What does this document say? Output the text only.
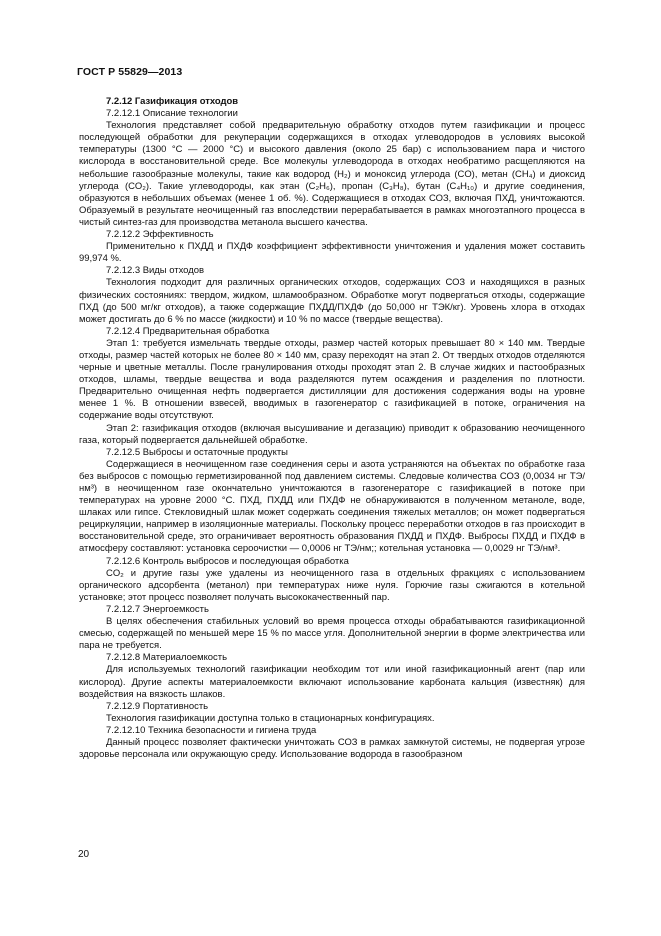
ГОСТ Р 55829—2013

7.2.12 Газификация отходов

7.2.12.1 Описание технологии

Технология представляет собой предварительную обработку отходов путем газификации и процесс последующей обработки для рекуперации содержащихся в отходах углеводородов в условиях высокой температуры (1300 °С — 2000 °С) и высокого давления (около 25 бар) с использованием пара и чистого кислорода в восстановительной среде. Все молекулы углеводорода в отходах необратимо расщепляются на небольшие газообразные молекулы, такие как водород (H₂) и моноксид углерода (CO), метан (CH₄) и диоксид углерода (CO₂). Такие углеводороды, как этан (C₂H₆), пропан (C₃H₈), бутан (C₄H₁₀) и другие соединения, образуются в небольших объемах (менее 1 об. %). Содержащиеся в отходах СОЗ, включая ПХД, уничтожаются. Образуемый в результате неочищенный газ впоследствии перерабатывается в рамках многоэтапного процесса в чистый синтез-газ для производства метанола высшего качества.

7.2.12.2 Эффективность

Применительно к ПХДД и ПХДФ коэффициент эффективности уничтожения и удаления может составить 99,974 %.

7.2.12.3 Виды отходов

Технология подходит для различных органических отходов, содержащих СОЗ и находящихся в разных физических состояниях: твердом, жидком, шламообразном. Обработке могут подвергаться отходы, содержащие ПХД (до 500 мг/кг отходов), а также содержащие ПХДД/ПХДФ (до 50,000 нг ТЭК/кг). Уровень хлора в отходах может достигать до 6 % по массе (жидкости) и 10 % по массе (твердые вещества).

7.2.12.4 Предварительная обработка

Этап 1: требуется измельчать твердые отходы, размер частей которых превышает 80 × 140 мм. Твердые отходы, размер частей которых не более 80 × 140 мм, сразу переходят на этап 2. От твердых отходов отделяются черные и цветные металлы. После гранулирования отходы проходят этап 2. В случае жидких и пастообразных отходов, шламы, твердые вещества и вода разделяются путем осаждения и разделения по плотности. Предварительно очищенная нефть подвергается дистилляции для достижения содержания воды на уровне менее 1 %. В отношении взвесей, вводимых в газогенератор с газификацией в потоке, ограничения на содержание воды отсутствуют.

Этап 2: газификация отходов (включая высушивание и дегазацию) приводит к образованию неочищенного газа, который подвергается дальнейшей обработке.

7.2.12.5 Выбросы и остаточные продукты

Содержащиеся в неочищенном газе соединения серы и азота устраняются на объектах по обработке газа без выбросов с помощью герметизированной под давлением системы. Следовые количества СОЗ (0,0034 нг ТЭ/нм³) в неочищенном газе окончательно уничтожаются в газогенераторе с газификацией в потоке при температурах на уровне 2000 °С. ПХД, ПХДД или ПХДФ не обнаруживаются в полученном метаноле, воде, шлаках или гипсе. Стекловидный шлак может содержать соединения тяжелых металлов; он может подвергаться рециркуляции, например в изоляционные материалы. Поскольку процесс переработки отходов в газ происходит в восстановительной среде, это ограничивает вероятность образования ПХДД и ПХДФ. Выбросы ПХДД и ПХДФ в атмосферу составляют: установка сероочистки — 0,0006 нг ТЭ/нм;; котельная установка — 0,0029 нг ТЭ/нм³.

7.2.12.6 Контроль выбросов и последующая обработка

CO₂ и другие газы уже удалены из неочищенного газа в отдельных фракциях с использованием органического адсорбента (метанол) при температурах ниже нуля. Горючие газы сжигаются в котельной установке; этот процесс позволяет получать высококачественный пар.

7.2.12.7 Энергоемкость

В целях обеспечения стабильных условий во время процесса отходы обрабатываются газификационной смесью, содержащей по меньшей мере 15 % по массе угля. Дополнительной энергии в форме электричества или пара не требуется.

7.2.12.8 Материалоемкость

Для используемых технологий газификации необходим тот или иной газификационный агент (пар или кислород). Другие аспекты материалоемкости включают использование карбоната кальция (известняк) для воздействия на вязкость шлаков.

7.2.12.9 Портативность

Технология газификации доступна только в стационарных конфигурациях.

7.2.12.10 Техника безопасности и гигиена труда

Данный процесс позволяет фактически уничтожать СОЗ в рамках замкнутой системы, не подвергая угрозе здоровье персонала или окружающую среду. Использование водорода в газообразном

20
